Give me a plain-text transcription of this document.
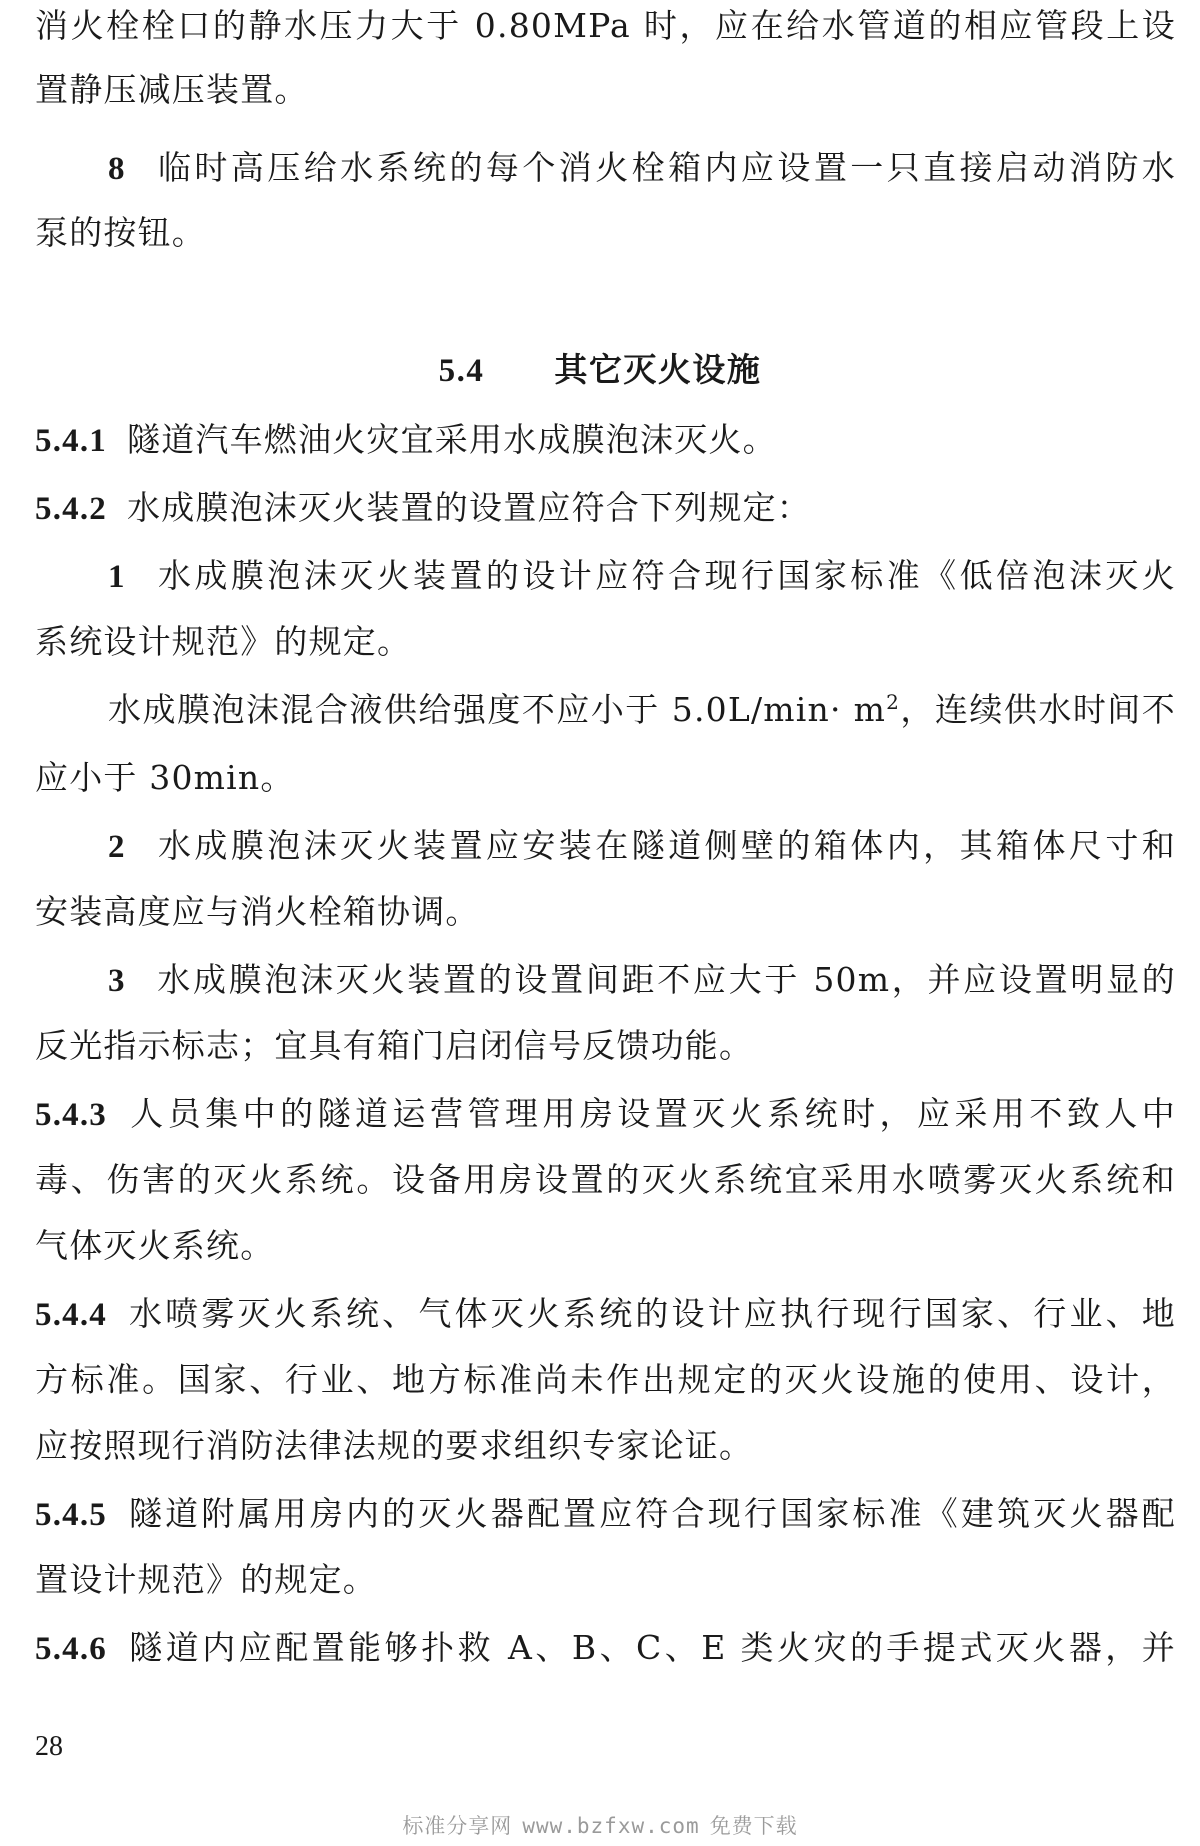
消火栓栓口的静水压力大于 0.80MPa 时，应在给水管道的相应管段上设
置静压减压装置。
8 临时高压给水系统的每个消火栓箱内应设置一只直接启动消防水
泵的按钮。
5.4 其它灭火设施
5.4.1 隧道汽车燃油火灾宜采用水成膜泡沫灭火。
5.4.2 水成膜泡沫灭火装置的设置应符合下列规定：
1 水成膜泡沫灭火装置的设计应符合现行国家标准《低倍泡沫灭火
系统设计规范》的规定。
水成膜泡沫混合液供给强度不应小于 $5.0L/\min\cdot m^2$，连续供水时间不
应小于 30min。
2 水成膜泡沫灭火装置应安装在隧道侧壁的箱体内，其箱体尺寸和
安装高度应与消火栓箱协调。
3 水成膜泡沫灭火装置的设置间距不应大于 50m，并应设置明显的
反光指示标志；宜具有箱门启闭信号反馈功能。
5.4.3 人员集中的隧道运营管理用房设置灭火系统时，应采用不致人中
毒、伤害的灭火系统。设备用房设置的灭火系统宜采用水喷雾灭火系统和
气体灭火系统。
5.4.4 水喷雾灭火系统、气体灭火系统的设计应执行现行国家、行业、地
方标准。国家、行业、地方标准尚未作出规定的灭火设施的使用、设计，
应按照现行消防法律法规的要求组织专家论证。
5.4.5 隧道附属用房内的灭火器配置应符合现行国家标准《建筑灭火器配
置设计规范》的规定。
5.4.6 隧道内应配置能够扑救 A、B、C、E 类火灾的手提式灭火器，并
28
标准分享网 www.bzfxw.com 免费下载
